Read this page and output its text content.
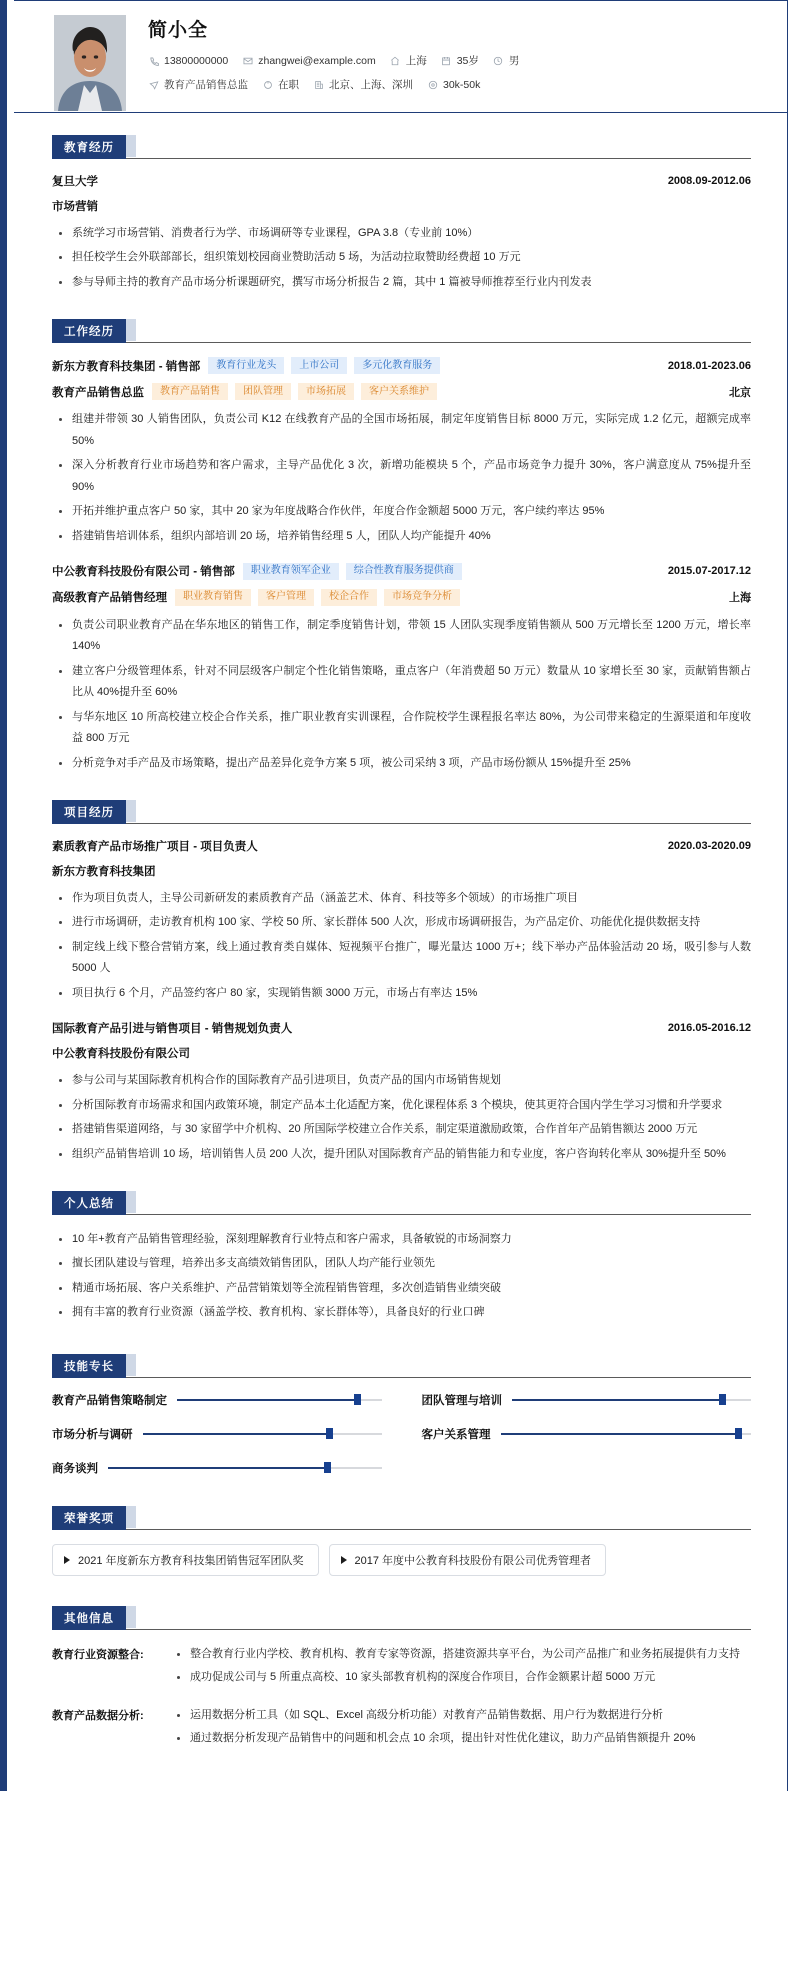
简小全
13800000000	zhangwei@example.com	上海	35岁	男
教育产品销售总监	在职	北京、上海、深圳	30k-50k
教育经历
复旦大学	2008.09-2012.06
市场营销
系统学习市场营销、消费者行为学、市场调研等专业课程，GPA 3.8（专业前 10%）
担任校学生会外联部部长，组织策划校园商业赞助活动 5 场，为活动拉取赞助经费超 10 万元
参与导师主持的教育产品市场分析课题研究，撰写市场分析报告 2 篇，其中 1 篇被导师推荐至行业内刊发表
工作经历
新东方教育科技集团 - 销售部	教育行业龙头	上市公司	多元化教育服务	2018.01-2023.06
教育产品销售总监	教育产品销售	团队管理	市场拓展	客户关系维护	北京
组建并带领 30 人销售团队，负责公司 K12 在线教育产品的全国市场拓展，制定年度销售目标 8000 万元，实际完成 1.2 亿元，超额完成率 50%
深入分析教育行业市场趋势和客户需求，主导产品优化 3 次，新增功能模块 5 个，产品市场竞争力提升 30%，客户满意度从 75%提升至 90%
开拓并维护重点客户 50 家，其中 20 家为年度战略合作伙伴，年度合作金额超 5000 万元，客户续约率达 95%
搭建销售培训体系，组织内部培训 20 场，培养销售经理 5 人，团队人均产能提升 40%
中公教育科技股份有限公司 - 销售部	职业教育领军企业	综合性教育服务提供商	2015.07-2017.12
高级教育产品销售经理	职业教育销售	客户管理	校企合作	市场竞争分析	上海
负责公司职业教育产品在华东地区的销售工作，制定季度销售计划，带领 15 人团队实现季度销售额从 500 万元增长至 1200 万元，增长率 140%
建立客户分级管理体系，针对不同层级客户制定个性化销售策略，重点客户（年消费超 50 万元）数量从 10 家增长至 30 家，贡献销售额占比从 40%提升至 60%
与华东地区 10 所高校建立校企合作关系，推广职业教育实训课程，合作院校学生课程报名率达 80%，为公司带来稳定的生源渠道和年度收益 800 万元
分析竞争对手产品及市场策略，提出产品差异化竞争方案 5 项，被公司采纳 3 项，产品市场份额从 15%提升至 25%
项目经历
素质教育产品市场推广项目 - 项目负责人	2020.03-2020.09
新东方教育科技集团
作为项目负责人，主导公司新研发的素质教育产品（涵盖艺术、体育、科技等多个领域）的市场推广项目
进行市场调研，走访教育机构 100 家、学校 50 所、家长群体 500 人次，形成市场调研报告，为产品定价、功能优化提供数据支持
制定线上线下整合营销方案，线上通过教育类自媒体、短视频平台推广，曝光量达 1000 万+；线下举办产品体验活动 20 场，吸引参与人数 5000 人
项目执行 6 个月，产品签约客户 80 家，实现销售额 3000 万元，市场占有率达 15%
国际教育产品引进与销售项目 - 销售规划负责人	2016.05-2016.12
中公教育科技股份有限公司
参与公司与某国际教育机构合作的国际教育产品引进项目，负责产品的国内市场销售规划
分析国际教育市场需求和国内政策环境，制定产品本土化适配方案，优化课程体系 3 个模块，使其更符合国内学生学习习惯和升学要求
搭建销售渠道网络，与 30 家留学中介机构、20 所国际学校建立合作关系，制定渠道激励政策，合作首年产品销售额达 2000 万元
组织产品销售培训 10 场，培训销售人员 200 人次，提升团队对国际教育产品的销售能力和专业度，客户咨询转化率从 30%提升至 50%
个人总结
10 年+教育产品销售管理经验，深刻理解教育行业特点和客户需求，具备敏锐的市场洞察力
擅长团队建设与管理，培养出多支高绩效销售团队，团队人均产能行业领先
精通市场拓展、客户关系维护、产品营销策划等全流程销售管理，多次创造销售业绩突破
拥有丰富的教育行业资源（涵盖学校、教育机构、家长群体等），具备良好的行业口碑
技能专长
教育产品销售策略制定	团队管理与培训
市场分析与调研	客户关系管理
商务谈判
荣誉奖项
2021 年度新东方教育科技集团销售冠军团队奖	2017 年度中公教育科技股份有限公司优秀管理者
其他信息
教育行业资源整合:	整合教育行业内学校、教育机构、教育专家等资源，搭建资源共享平台，为公司产品推广和业务拓展提供有力支持
成功促成公司与 5 所重点高校、10 家头部教育机构的深度合作项目，合作金额累计超 5000 万元
教育产品数据分析:	运用数据分析工具（如 SQL、Excel 高级分析功能）对教育产品销售数据、用户行为数据进行分析
通过数据分析发现产品销售中的问题和机会点 10 余项，提出针对性优化建议，助力产品销售额提升 20%
